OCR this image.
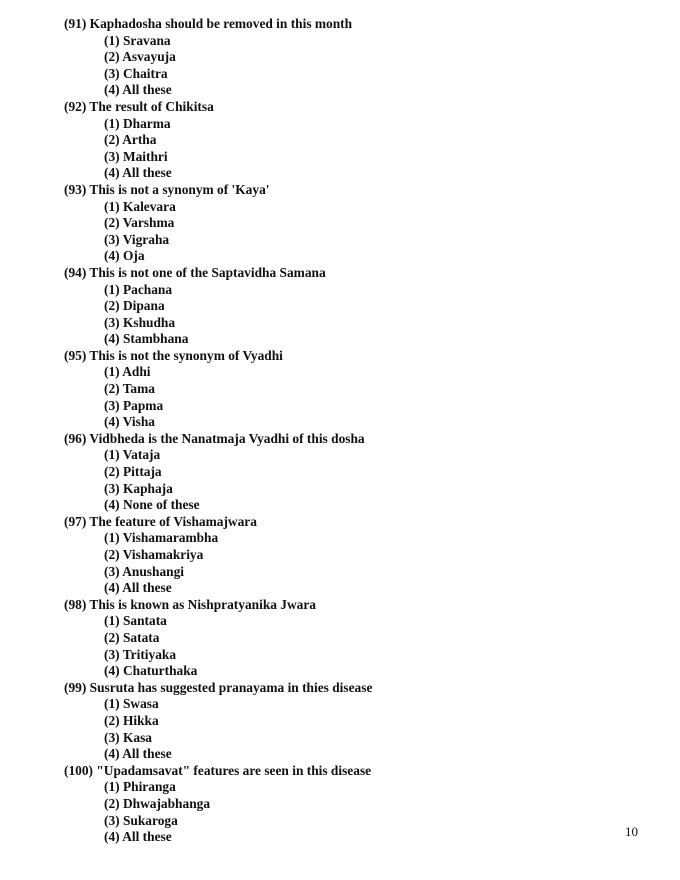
(91) Kaphadosha should be removed in this month
(1) Sravana
(2) Asvayuja
(3) Chaitra
(4) All these
(92) The result of Chikitsa
(1) Dharma
(2) Artha
(3) Maithri
(4) All these
(93) This is not a synonym of 'Kaya'
(1) Kalevara
(2) Varshma
(3) Vigraha
(4) Oja
(94) This is not one of the Saptavidha Samana
(1) Pachana
(2) Dipana
(3) Kshudha
(4) Stambhana
(95) This is not the synonym of Vyadhi
(1) Adhi
(2) Tama
(3) Papma
(4) Visha
(96) Vidbheda is the Nanatmaja Vyadhi of this dosha
(1) Vataja
(2) Pittaja
(3) Kaphaja
(4) None of these
(97) The feature of Vishamajwara
(1) Vishamarambha
(2) Vishamakriya
(3) Anushangi
(4) All these
(98) This is known as Nishpratyanika Jwara
(1) Santata
(2) Satata
(3) Tritiyaka
(4) Chaturthaka
(99) Susruta has suggested pranayama in thies disease
(1) Swasa
(2) Hikka
(3) Kasa
(4) All these
(100) "Upadamsavat" features are seen in this disease
(1) Phiranga
(2) Dhwajabhanga
(3) Sukaroga
(4) All these	10
